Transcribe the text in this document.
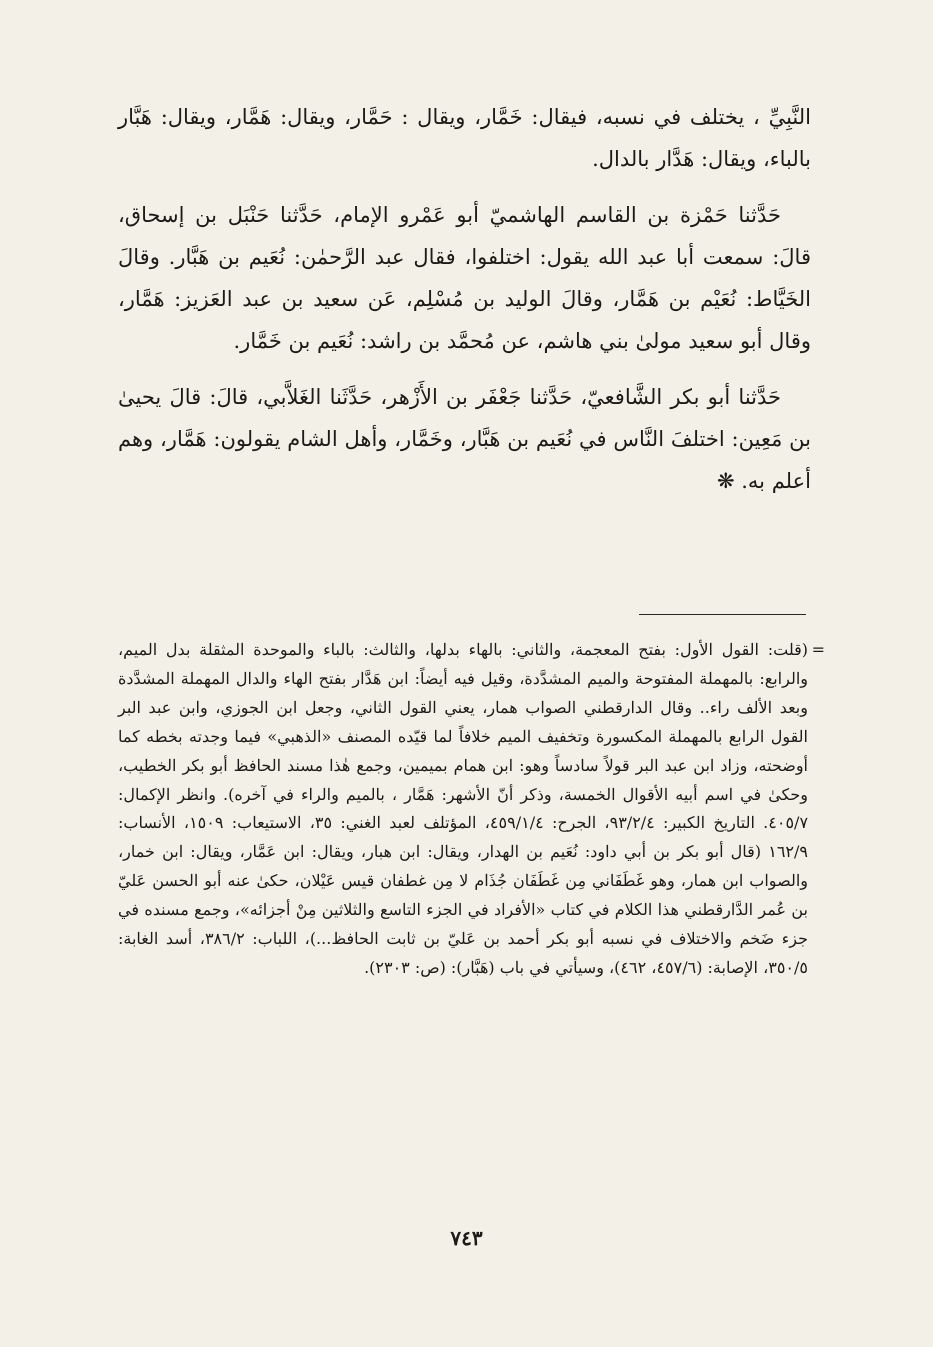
النَّبِيِّ ، يختلف في نسبه، فيقال: خَمَّار، ويقال : حَمَّار، ويقال: هَمَّار، ويقال: هَبَّار بالباء، ويقال: هَدَّار بالدال.

حَدَّثنا حَمْزة بن القاسم الهاشميّ أبو عَمْرو الإمام، حَدَّثنا حَنْبَل بن إسحاق، قالَ: سمعت أبا عبد الله يقول: اختلفوا، فقال عبد الرَّحمٰن: نُعَيم بن هَبَّار. وقالَ الخَيَّاط: نُعَيْم بن هَمَّار، وقالَ الوليد بن مُسْلِم، عَن سعيد بن عبد العَزيز: هَمَّار، وقال أبو سعيد مولىٰ بني هاشم، عن مُحمَّد بن راشد: نُعَيم بن خَمَّار.

حَدَّثنا أبو بكر الشَّافعيّ، حَدَّثنا جَعْفَر بن الأَزْهر، حَدَّثَنا الغَلاَّبي، قالَ: قالَ يحيىٰ بن مَعِين: اختلفَ النَّاس في نُعَيم بن هَبَّار، وخَمَّار، وأهل الشام يقولون: هَمَّار، وهم أعلم به. ❋

=

(قلت: القول الأول: بفتح المعجمة، والثاني: بالهاء بدلها، والثالث: بالباء والموحدة المثقلة بدل الميم، والرابع: بالمهملة المفتوحة والميم المشدَّدة، وقيل فيه أيضاً: ابن هَدَّار بفتح الهاء والدال المهملة المشدَّدة وبعد الألف راء.. وقال الدارقطني الصواب همار، يعني القول الثاني، وجعل ابن الجوزي، وابن عبد البر القول الرابع بالمهملة المكسورة وتخفيف الميم خلافاً لما قيّده المصنف «الذهبي» فيما وجدته بخطه كما أوضحته، وزاد ابن عبد البر قولاً سادساً وهو: ابن همام بميمين، وجمع هٰذا مسند الحافظ أبو بكر الخطيب، وحكىٰ في اسم أبيه الأقوال الخمسة، وذكر أنّ الأشهر: هَمَّار ، بالميم والراء في آخره). وانظر الإكمال: ٤٠٥/٧. التاريخ الكبير: ٩٣/٢/٤، الجرح: ٤٥٩/١/٤، المؤتلف لعبد الغني: ٣٥، الاستيعاب: ١٥٠٩، الأنساب: ١٦٢/٩ (قال أبو بكر بن أبي داود: نُعَيم بن الهدار، ويقال: ابن هبار، ويقال: ابن عَمَّار، ويقال: ابن خمار، والصواب ابن همار، وهو غَطَفَاني مِن غَطَفَان جُذَام لا مِن غطفان قيس عَيْلان، حكىٰ عنه أبو الحسن عَليّ بن عُمر الدَّارقطني هذا الكلام في كتاب «الأفراد في الجزء التاسع والثلاثين مِنْ أجزائه»، وجمع مسنده في جزء ضَخم والاختلاف في نسبه أبو بكر أحمد بن عَليّ بن ثابت الحافظ...)، اللباب: ٣٨٦/٢، أسد الغابة: ٣٥٠/٥، الإصابة: (٤٥٧/٦، ٤٦٢)، وسيأتي في باب (هَبَّار): (ص: ٢٣٠٣).

٧٤٣
